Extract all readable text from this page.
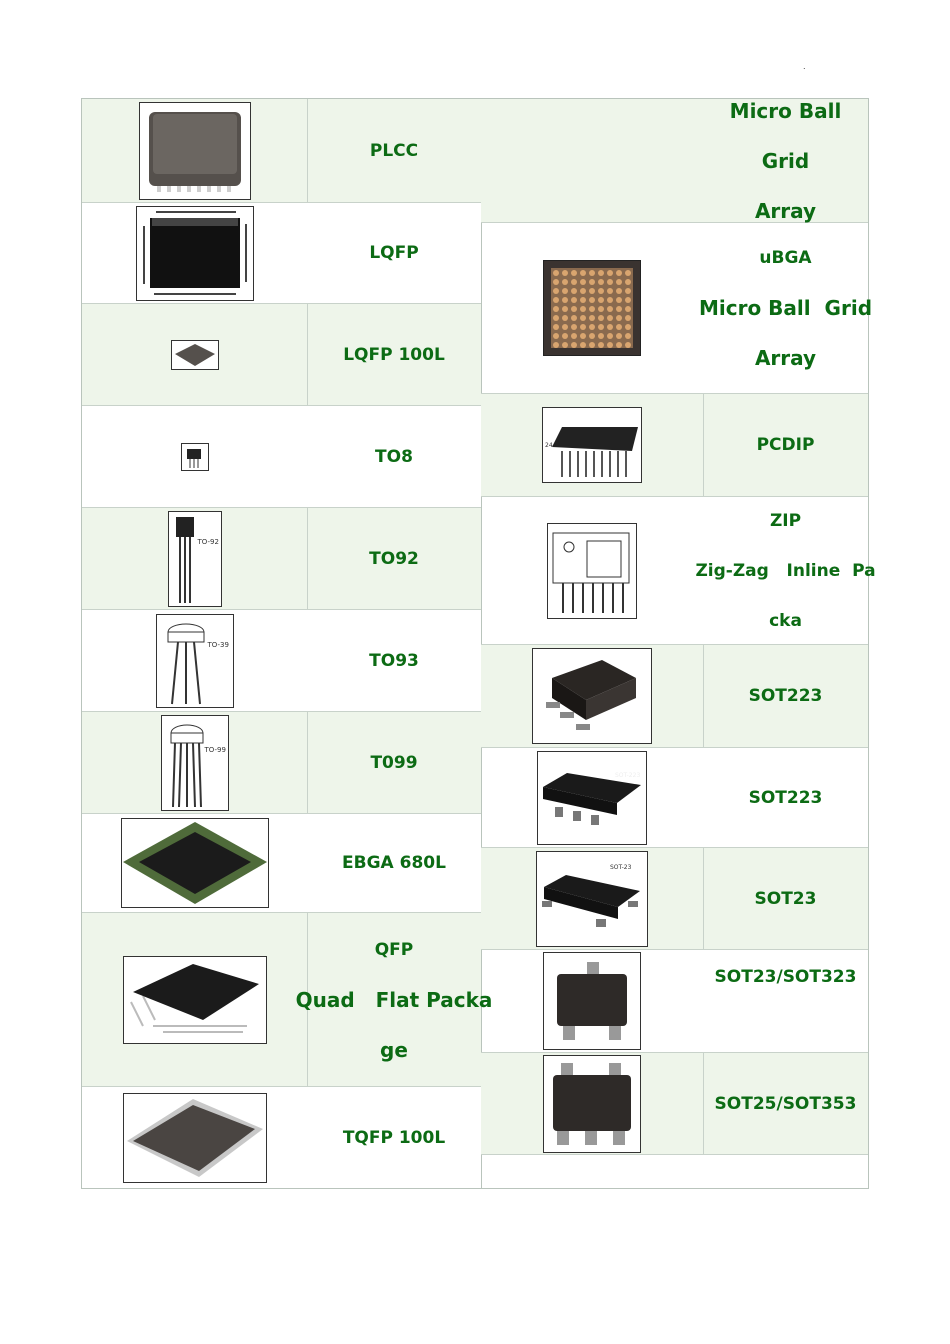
.
PLCC
LQFP
LQFP 100L
TO8
TO-92
TO92
TO-39
TO93
TO-99
T099
EBGA 680L
QFP
Quad   Flat Packa
ge
TQFP 100L
Micro Ball Grid
Array
uBGA
Micro Ball  Grid
Array
24	PCDIP
ZIP
Zig-Zag   Inline  Pa
cka
SOT223
SOT-223
SOT223
SOT-23
SOT23
SOT23/SOT323
SOT25/SOT353
